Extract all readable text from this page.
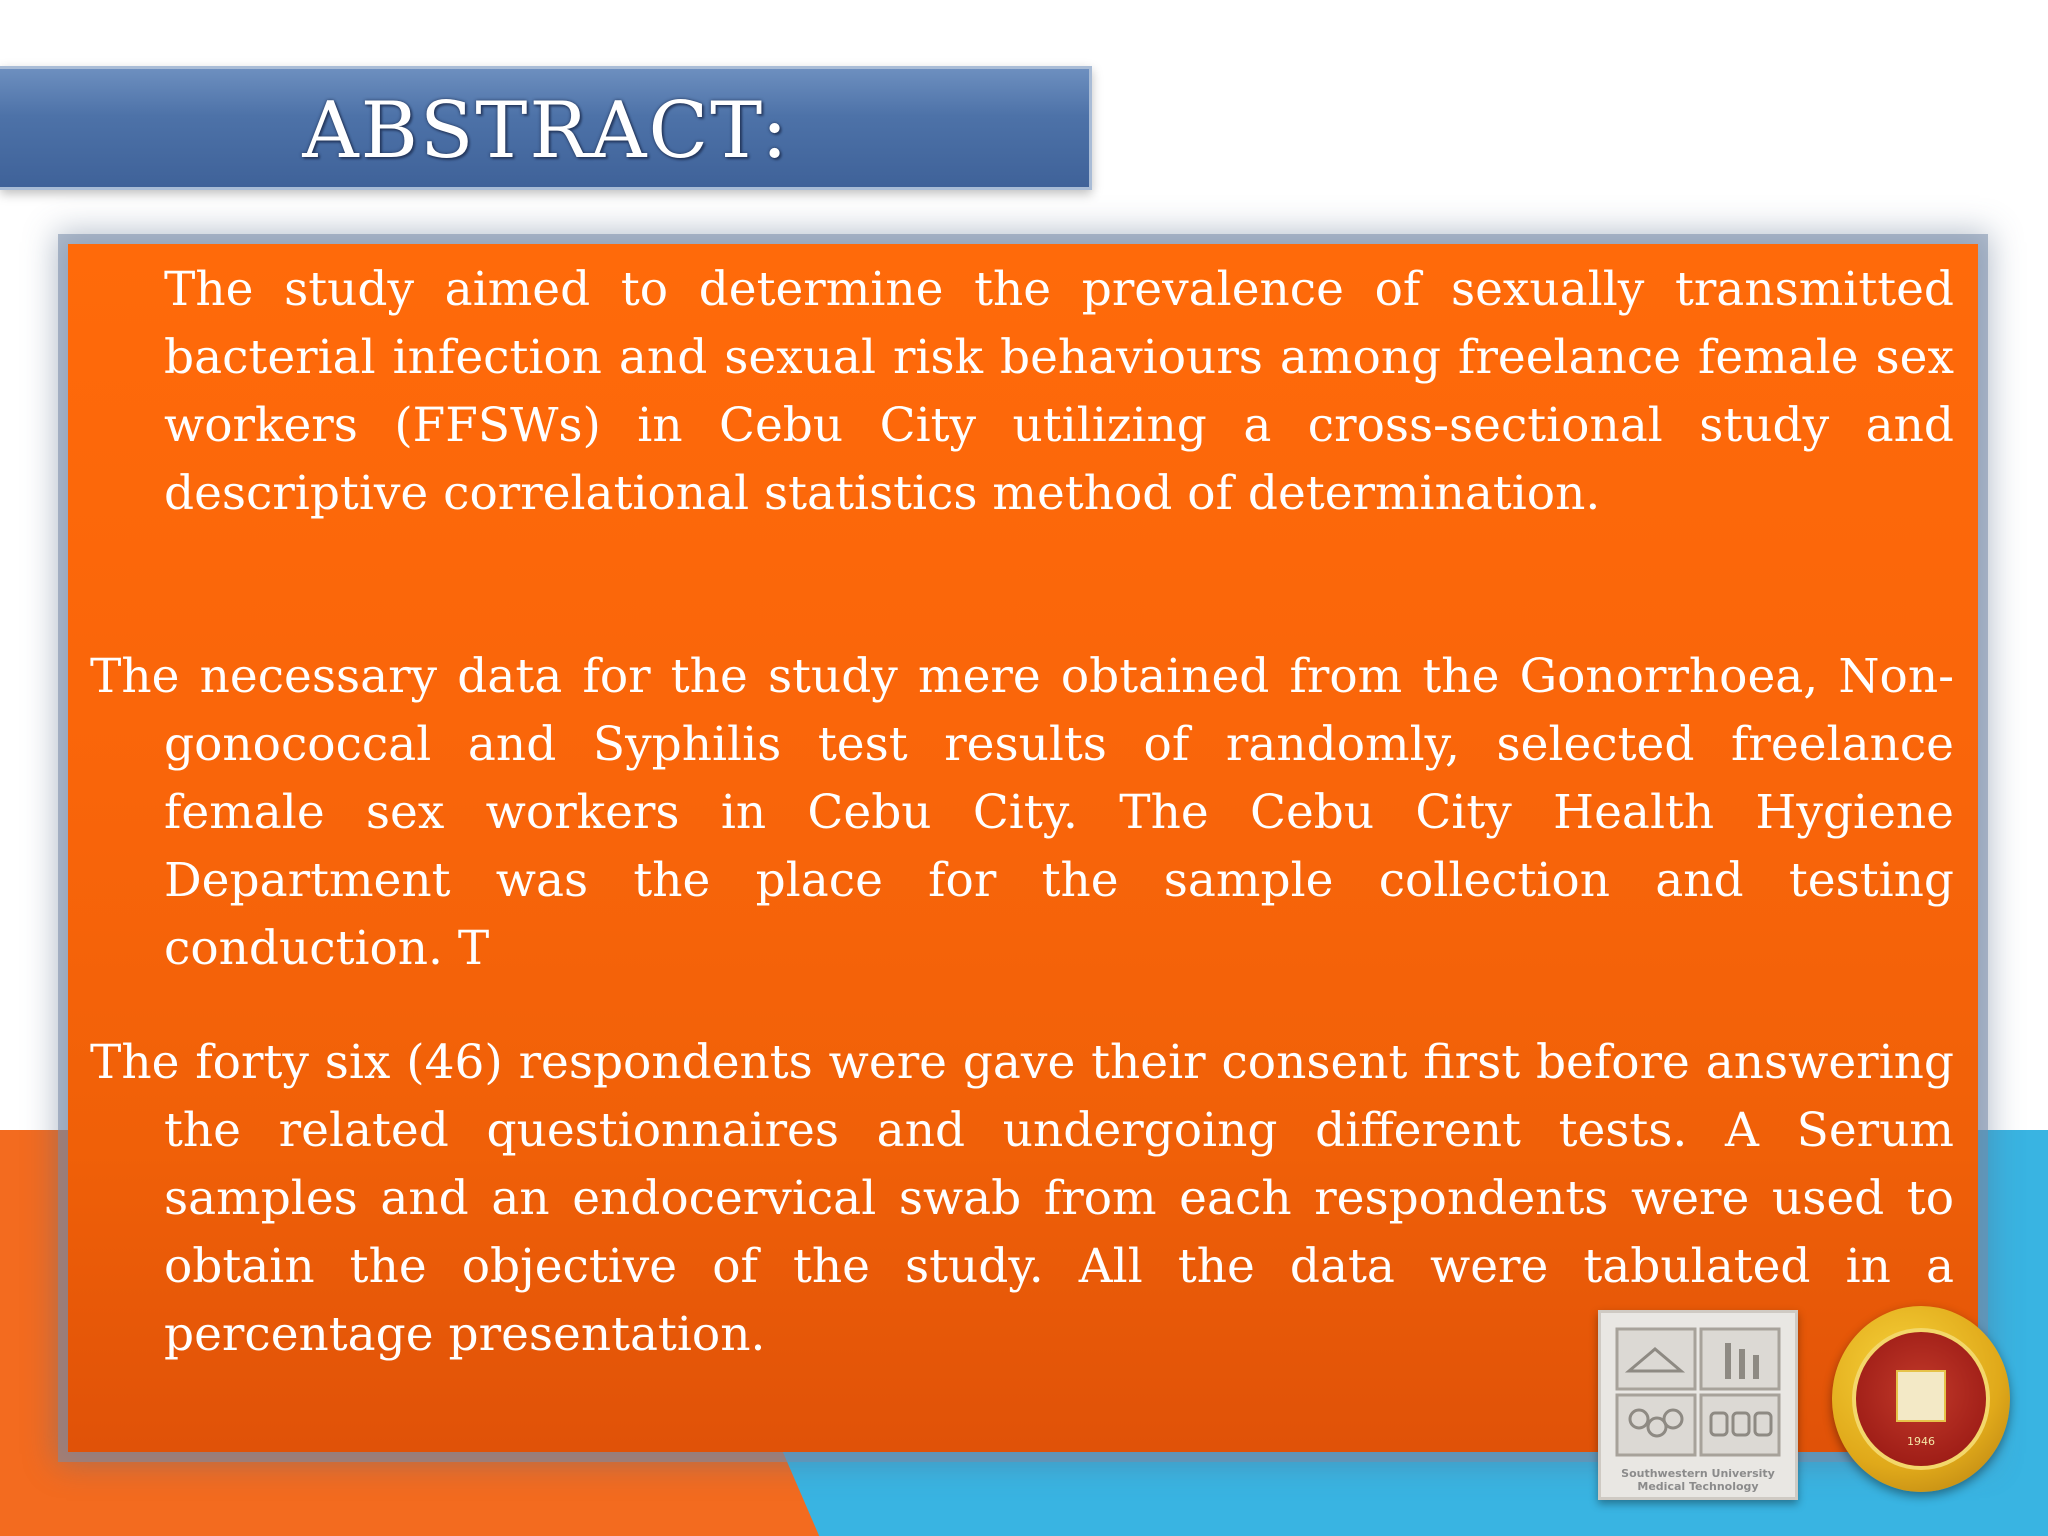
ABSTRACT:

The study aimed to determine the prevalence of sexually transmitted bacterial infection and sexual risk behaviours among freelance female sex workers (FFSWs) in Cebu City utilizing a cross-sectional study and descriptive correlational statistics method of determination.

The necessary data for the study mere obtained from the Gonorrhoea, Non-gonococcal and Syphilis test results of randomly, selected freelance female sex workers in Cebu City. The Cebu City Health Hygiene Department was the place for the sample collection and testing conduction. T

The forty six (46) respondents were gave their consent first before answering the related questionnaires and undergoing different tests. A Serum samples and an endocervical swab from each respondents were used to obtain the objective of the study. All the data were tabulated in a percentage presentation.

Southwestern University Medical Technology
1946
